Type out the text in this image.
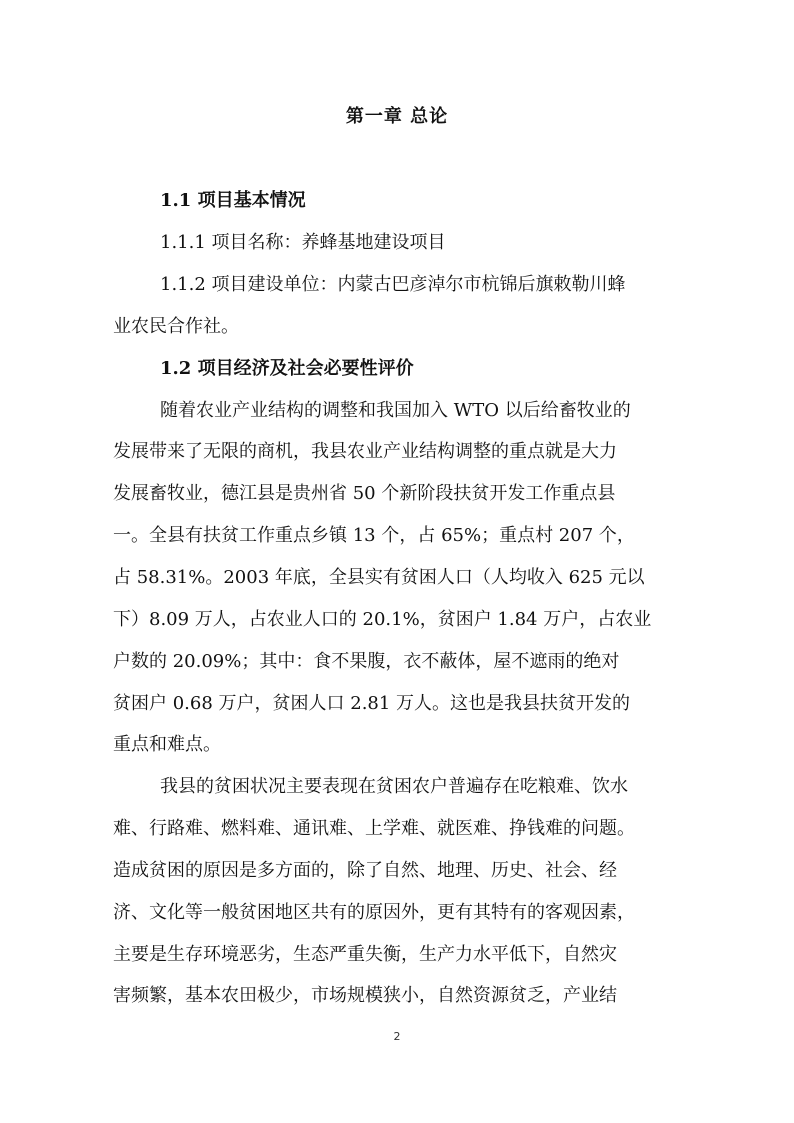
第一章 总论
1.1 项目基本情况
1.1.1 项目名称：养蜂基地建设项目
1.1.2 项目建设单位：内蒙古巴彦淖尔市杭锦后旗敕勒川蜂
业农民合作社。
1.2 项目经济及社会必要性评价
随着农业产业结构的调整和我国加入 WTO 以后给畜牧业的
发展带来了无限的商机，我县农业产业结构调整的重点就是大力
发展畜牧业，德江县是贵州省 50 个新阶段扶贫开发工作重点县
一。全县有扶贫工作重点乡镇 13 个，占 65%；重点村 207 个，
占 58.31%。2003 年底，全县实有贫困人口（人均收入 625 元以
下）8.09 万人，占农业人口的 20.1%，贫困户 1.84 万户，占农业
户数的 20.09%；其中：食不果腹，衣不蔽体，屋不遮雨的绝对
贫困户 0.68 万户，贫困人口 2.81 万人。这也是我县扶贫开发的
重点和难点。
我县的贫困状况主要表现在贫困农户普遍存在吃粮难、饮水
难、行路难、燃料难、通讯难、上学难、就医难、挣钱难的问题。
造成贫困的原因是多方面的，除了自然、地理、历史、社会、经
济、文化等一般贫困地区共有的原因外，更有其特有的客观因素，
主要是生存环境恶劣，生态严重失衡，生产力水平低下，自然灾
害频繁，基本农田极少，市场规模狭小，自然资源贫乏，产业结
2
